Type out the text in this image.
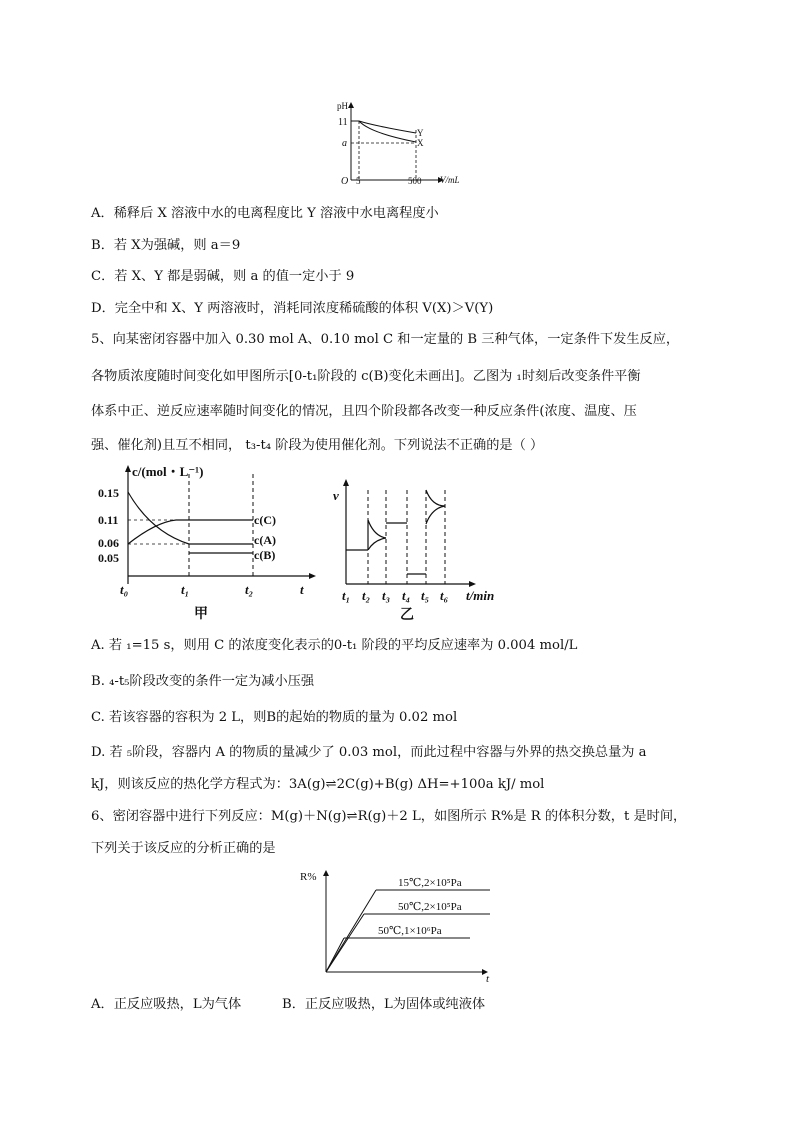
pH
11
a
O 5	500 V/mL
Y
X
A．稀释后 X 溶液中水的电离程度比 Y 溶液中水电离程度小
B．若 X为强碱，则 a＝9
C．若 X、Y 都是弱碱，则 a 的值一定小于 9
D．完全中和 X、Y 两溶液时，消耗同浓度稀硫酸的体积 V(X)＞V(Y)
5、向某密闭容器中加入 0.30 mol A、0.10 mol C 和一定量的 B 三种气体，一定条件下发生反应，
各物质浓度随时间变化如甲图所示[0-t₁阶段的 c(B)变化未画出]。乙图为 ₁时刻后改变条件平衡
体系中正、逆反应速率随时间变化的情况，且四个阶段都各改变一种反应条件(浓度、温度、压
强、催化剂)且互不相同， t₃-t₄ 阶段为使用催化剂。下列说法不正确的是（ ）
c/(mol・L⁻¹)
0.15
0.11
0.06
0.05
c(C)
c(A)
c(B)
t₀	t₁	t₂	t
甲
v
t₁ t₂ t₃ t₄ t₅ t₆ t/min
乙
A. 若 ₁=15 s，则用 C 的浓度变化表示的0-t₁ 阶段的平均反应速率为 0.004 mol/L
B. ₄-t₅阶段改变的条件一定为减小压强
C. 若该容器的容积为 2 L，则B的起始的物质的量为 0.02 mol
D. 若 ₅阶段，容器内 A 的物质的量减少了 0.03 mol，而此过程中容器与外界的热交换总量为 a
kJ，则该反应的热化学方程式为：3A(g)⇌2C(g)+B(g) ΔH=+100a kJ/ mol
6、密闭容器中进行下列反应：M(g)＋N(g)⇌R(g)＋2 L，如图所示 R%是 R 的体积分数，t 是时间，
下列关于该反应的分析正确的是
R%
t
15℃,2×10⁵Pa
50℃,2×10⁵Pa
50℃,1×10⁶Pa
A．正反应吸热，L为气体	B．正反应吸热，L为固体或纯液体
